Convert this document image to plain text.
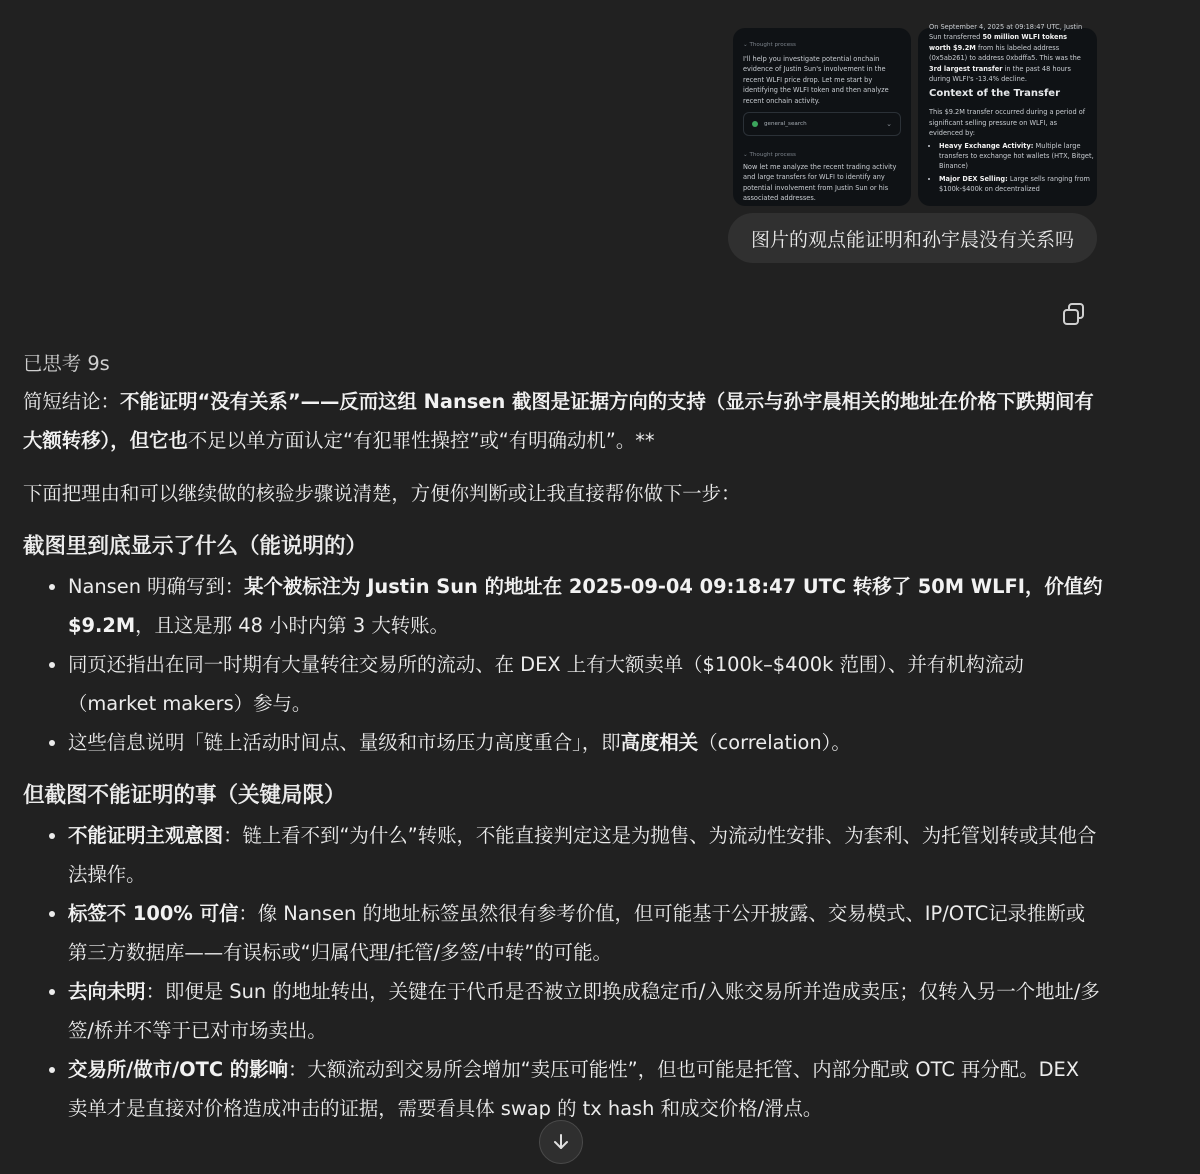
⌄ Thought process
I'll help you investigate potential onchain evidence of Justin Sun's involvement in the recent WLFI price drop. Let me start by identifying the WLFI token and then analyze recent onchain activity.
general_search	⌄
⌄ Thought process
Now let me analyze the recent trading activity and large transfers for WLFI to identify any potential involvement from Justin Sun or his associated addresses.
On September 4, 2025 at 09:18:47 UTC, Justin Sun transferred 50 million WLFI tokens worth $9.2M from his labeled address (0x5ab261) to address 0xbdffa5. This was the 3rd largest transfer in the past 48 hours during WLFI's -13.4% decline.
Context of the Transfer
This $9.2M transfer occurred during a period of significant selling pressure on WLFI, as evidenced by:
• Heavy Exchange Activity: Multiple large transfers to exchange hot wallets (HTX, Bitget, Binance)
• Major DEX Selling: Large sells ranging from $100k-$400k on decentralized
图片的观点能证明和孙宇晨没有关系吗
已思考 9s

简短结论：不能证明“没有关系”——反而这组 Nansen 截图是证据方向的支持（显示与孙宇晨相关的地址在价格下跌期间有大额转移），但它也不足以单方面认定“有犯罪性操控”或“有明确动机”。**

下面把理由和可以继续做的核验步骤说清楚，方便你判断或让我直接帮你做下一步：

截图里到底显示了什么（能说明的）
• Nansen 明确写到：某个被标注为 Justin Sun 的地址在 2025-09-04 09:18:47 UTC 转移了 50M WLFI，价值约 $9.2M，且这是那 48 小时内第 3 大转账。
• 同页还指出在同一时期有大量转往交易所的流动、在 DEX 上有大额卖单（$100k–$400k 范围）、并有机构流动（market makers）参与。
• 这些信息说明「链上活动时间点、量级和市场压力高度重合」，即高度相关（correlation）。
但截图不能证明的事（关键局限）
• 不能证明主观意图：链上看不到“为什么”转账，不能直接判定这是为抛售、为流动性安排、为套利、为托管划转或其他合法操作。
• 标签不 100% 可信：像 Nansen 的地址标签虽然很有参考价值，但可能基于公开披露、交易模式、IP/OTC记录推断或第三方数据库——有误标或“归属代理/托管/多签/中转”的可能。
• 去向未明：即便是 Sun 的地址转出，关键在于代币是否被立即换成稳定币/入账交易所并造成卖压；仅转入另一个地址/多签/桥并不等于已对市场卖出。
• 交易所/做市/OTC 的影响：大额流动到交易所会增加“卖压可能性”，但也可能是托管、内部分配或 OTC 再分配。DEX 卖单才是直接对价格造成冲击的证据，需要看具体 swap 的 tx hash 和成交价格/滑点。
